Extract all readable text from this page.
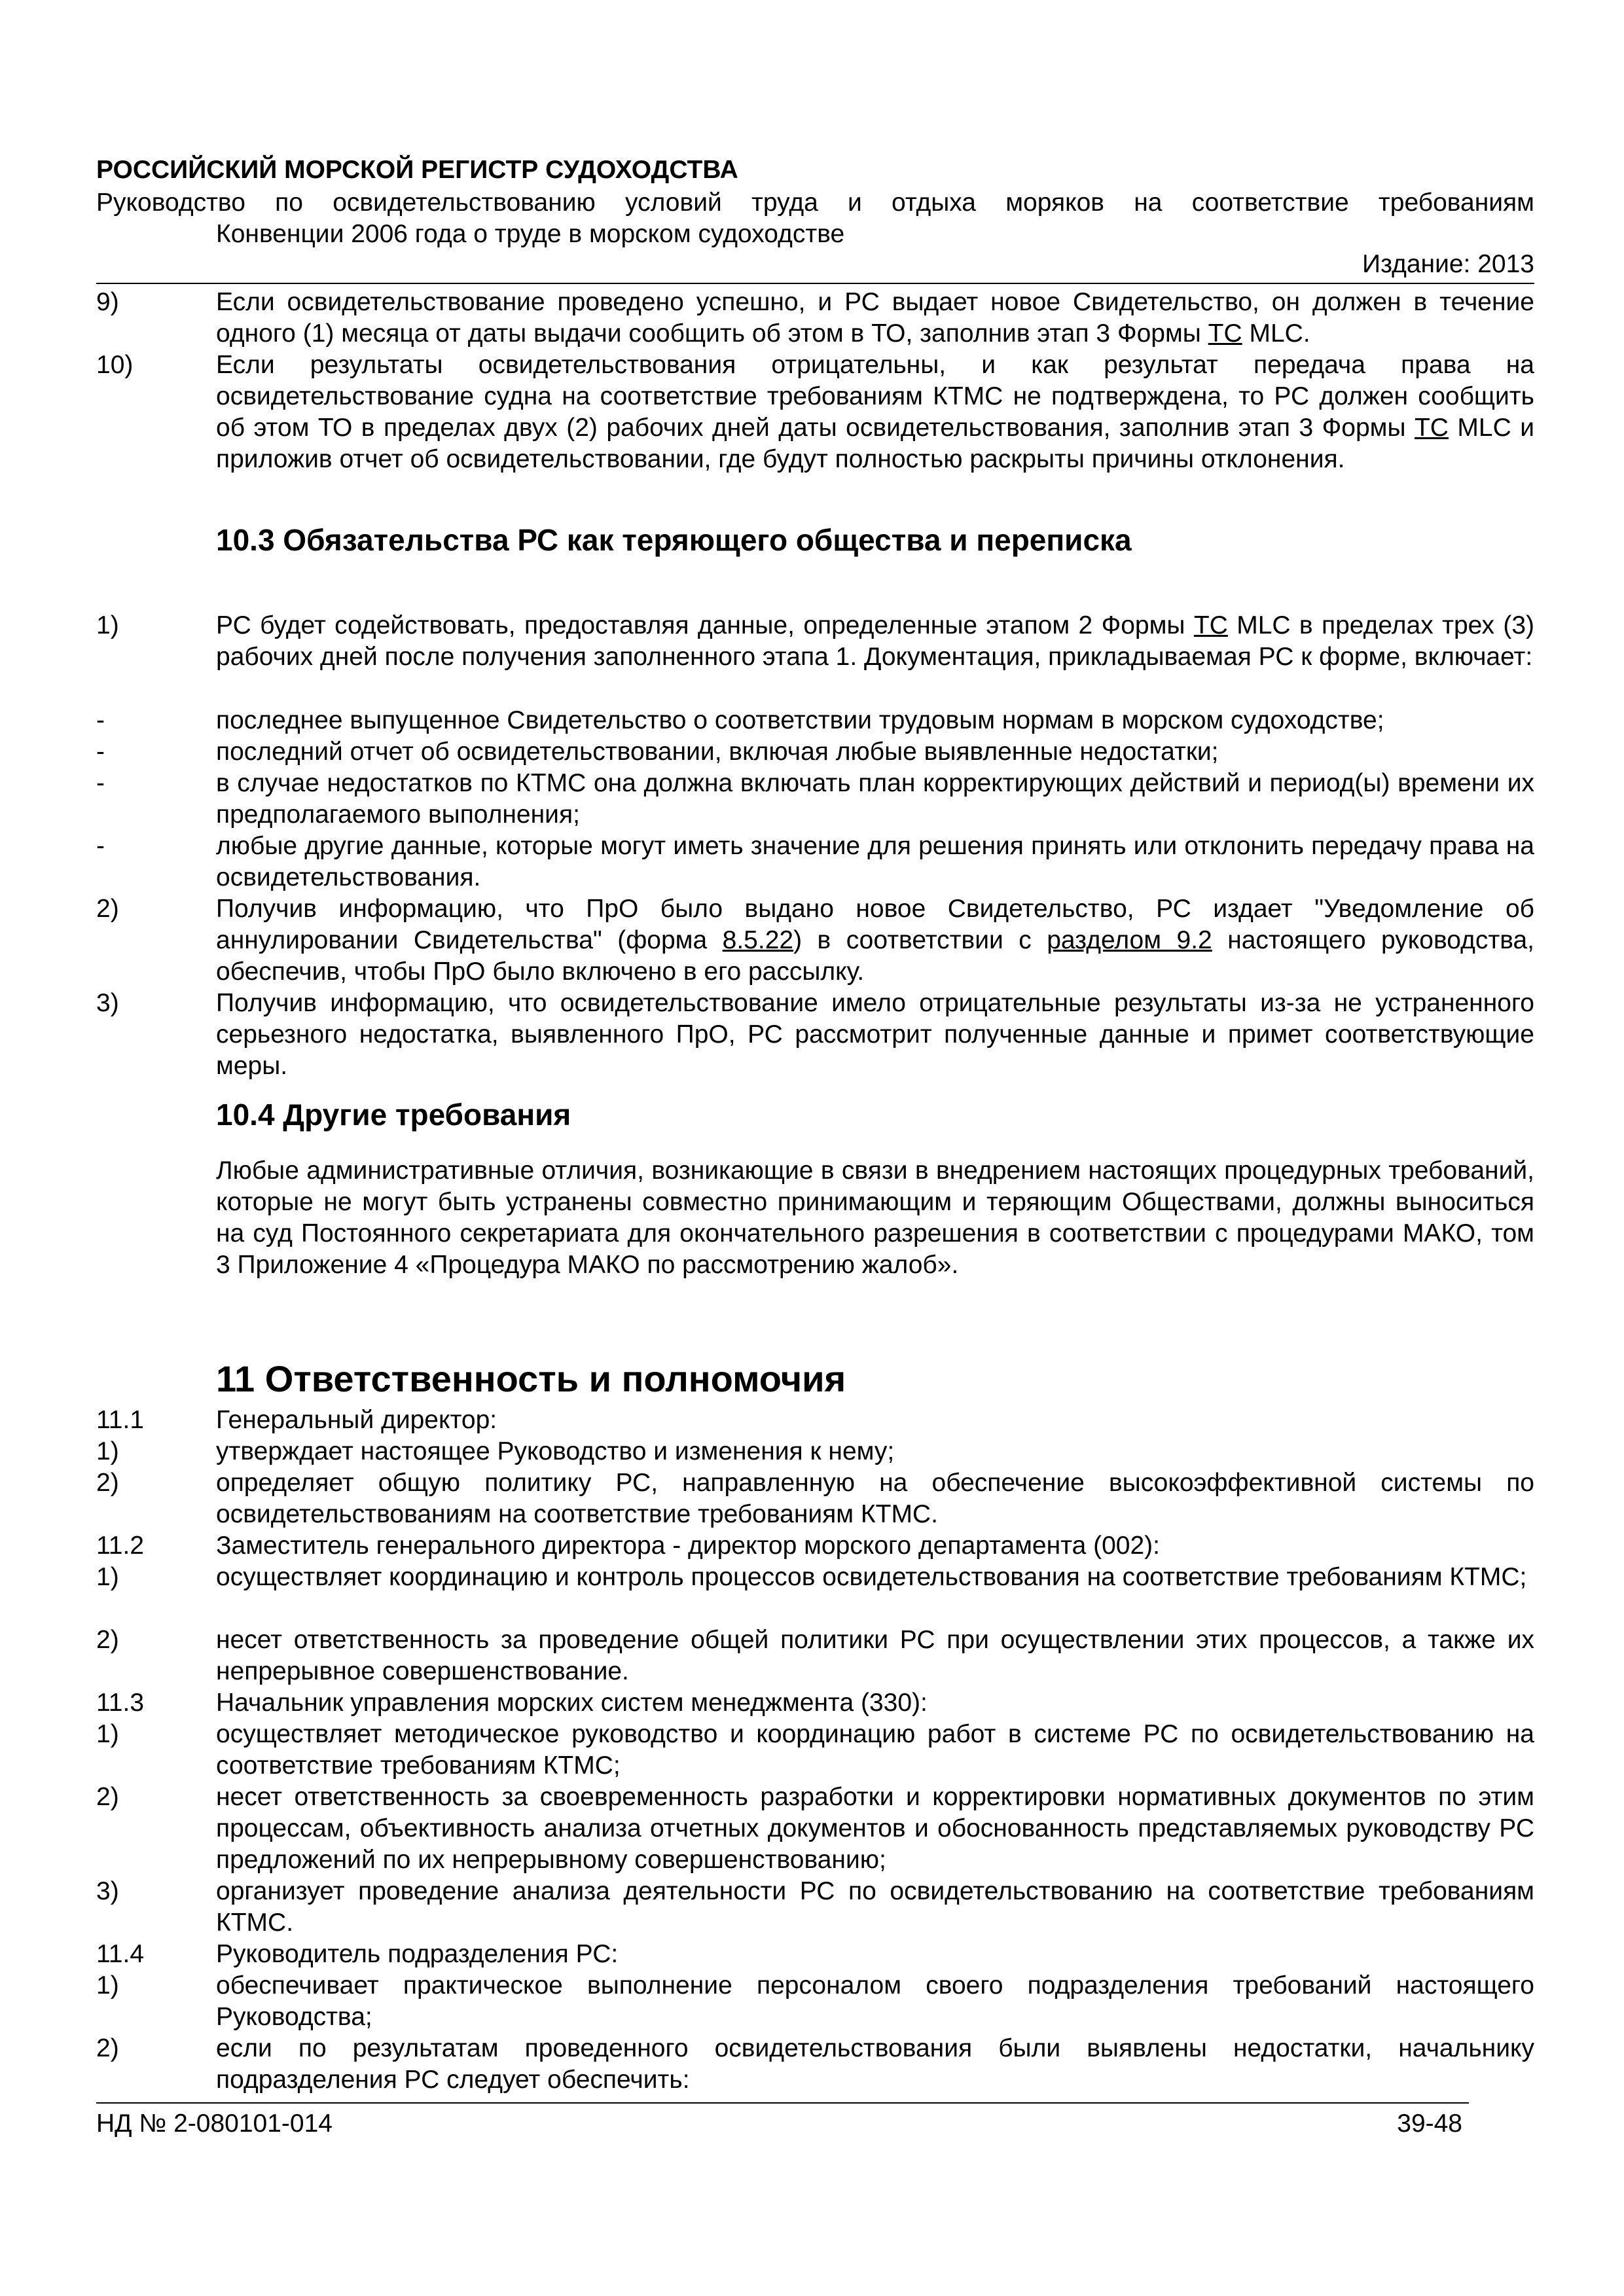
РОССИЙСКИЙ МОРСКОЙ РЕГИСТР СУДОХОДСТВА
Руководство по освидетельствованию условий труда и отдыха моряков на соответствие требованиям
Конвенции 2006 года о труде в морском судоходстве
Издание: 2013
9)	Если освидетельствование проведено успешно, и РС выдает новое Свидетельство, он должен в течение одного (1) месяца от даты выдачи сообщить об этом в ТО, заполнив этап 3 Формы TC MLC.
10)	Если результаты освидетельствования отрицательны, и как результат передача права на освидетельствование судна на соответствие требованиям КТМС не подтверждена, то РС должен сообщить об этом ТО в пределах двух (2) рабочих дней даты освидетельствования, заполнив этап 3 Формы TC MLC и приложив отчет об освидетельствовании, где будут полностью раскрыты причины отклонения.
10.3 Обязательства РС как теряющего общества и переписка
1)	РС будет содействовать, предоставляя данные, определенные этапом 2 Формы TC MLC в пределах трех (3) рабочих дней после получения заполненного этапа 1. Документация, прикладываемая РС к форме, включает:
-	последнее выпущенное Свидетельство о соответствии трудовым нормам в морском судоходстве;
-	последний отчет об освидетельствовании, включая любые выявленные недостатки;
-	в случае недостатков по КТМС она должна включать план корректирующих действий и период(ы) времени их предполагаемого выполнения;
-	любые другие данные, которые могут иметь значение для решения принять или отклонить передачу права на освидетельствования.
2)	Получив информацию, что ПрО было выдано новое Свидетельство, РС издает "Уведомление об аннулировании Свидетельства" (форма 8.5.22) в соответствии с разделом 9.2 настоящего руководства, обеспечив, чтобы ПрО было включено в его рассылку.
3)	Получив информацию, что освидетельствование имело отрицательные результаты из-за не устраненного серьезного недостатка, выявленного ПрО, РС рассмотрит полученные данные и примет соответствующие меры.
10.4 Другие требования
Любые административные отличия, возникающие в связи в внедрением настоящих процедурных требований, которые не могут быть устранены совместно принимающим и теряющим Обществами, должны выноситься на суд Постоянного секретариата для окончательного разрешения в соответствии с процедурами МАКО, том 3 Приложение 4 «Процедура МАКО по рассмотрению жалоб».
11 Ответственность и полномочия
11.1	Генеральный директор:
1)	утверждает настоящее Руководство и изменения к нему;
2)	определяет общую политику РС, направленную на обеспечение высокоэффективной системы по освидетельствованиям на соответствие требованиям КТМС.
11.2	Заместитель генерального директора - директор морского департамента (002):
1)	осуществляет координацию и контроль процессов освидетельствования на соответствие требованиям КТМС;
2)	несет ответственность за проведение общей политики РС при осуществлении этих процессов, а также их непрерывное совершенствование.
11.3	Начальник управления морских систем менеджмента (330):
1)	осуществляет методическое руководство и координацию работ в системе РС по освидетельствованию на соответствие требованиям КТМС;
2)	несет ответственность за своевременность разработки и корректировки нормативных документов по этим процессам, объективность анализа отчетных документов и обоснованность представляемых руководству РС предложений по их непрерывному совершенствованию;
3)	организует проведение анализа деятельности РС по освидетельствованию на соответствие требованиям КТМС.
11.4	Руководитель подразделения РС:
1)	обеспечивает практическое выполнение персоналом своего подразделения требований настоящего Руководства;
2)	если по результатам проведенного освидетельствования были выявлены недостатки, начальнику подразделения РС следует обеспечить:
НД № 2-080101-014	39-48
